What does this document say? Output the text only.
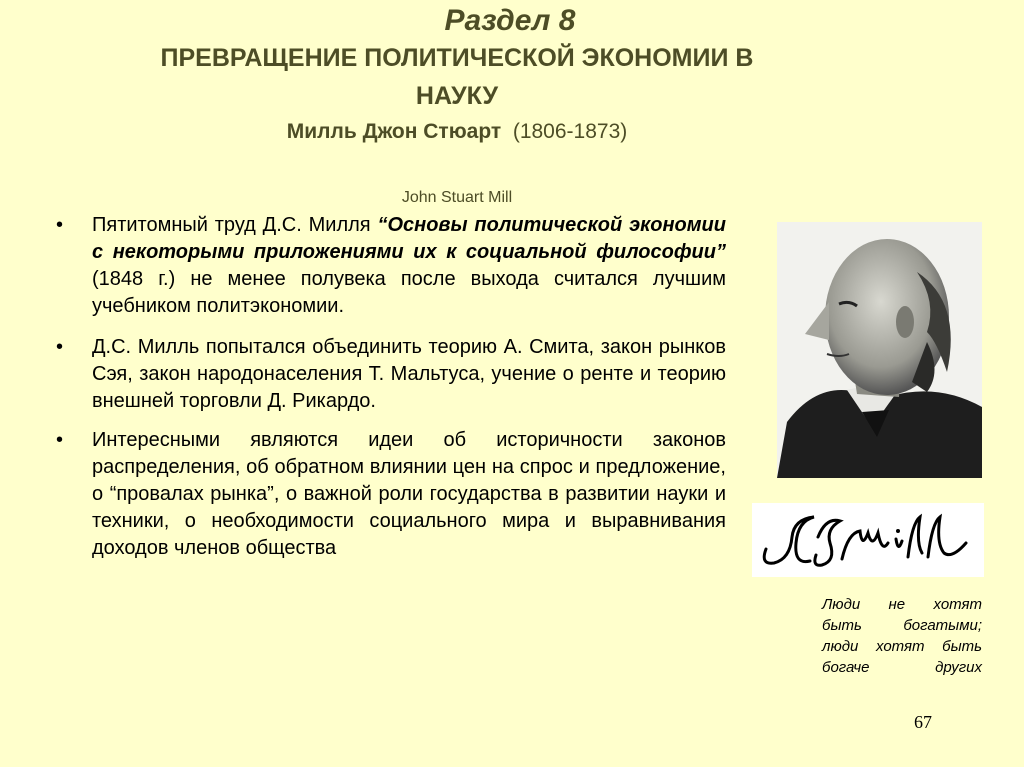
Раздел 8
ПРЕВРАЩЕНИЕ ПОЛИТИЧЕСКОЙ ЭКОНОМИИ В
НАУКУ
Милль Джон Стюарт (1806-1873)
John Stuart Mill
• Пятитомный труд Д.С. Милля “Основы политической экономии с некоторыми приложениями их к социальной философии” (1848 г.) не менее полувека после выхода считался лучшим учебником политэкономии.
• Д.С. Милль попытался объединить теорию А. Смита, закон рынков Сэя, закон народонаселения Т. Мальтуса, учение о ренте и теорию внешней торговли Д. Рикардо.
• Интересными являются идеи об историчности законов распределения, об обратном влиянии цен на спрос и предложение, о “провалах рынка”, о важной роли государства в развитии науки и техники, о необходимости социального мира и выравнивания доходов членов общества
Люди не хотят
быть богатыми;
люди хотят быть
богаче других
67
